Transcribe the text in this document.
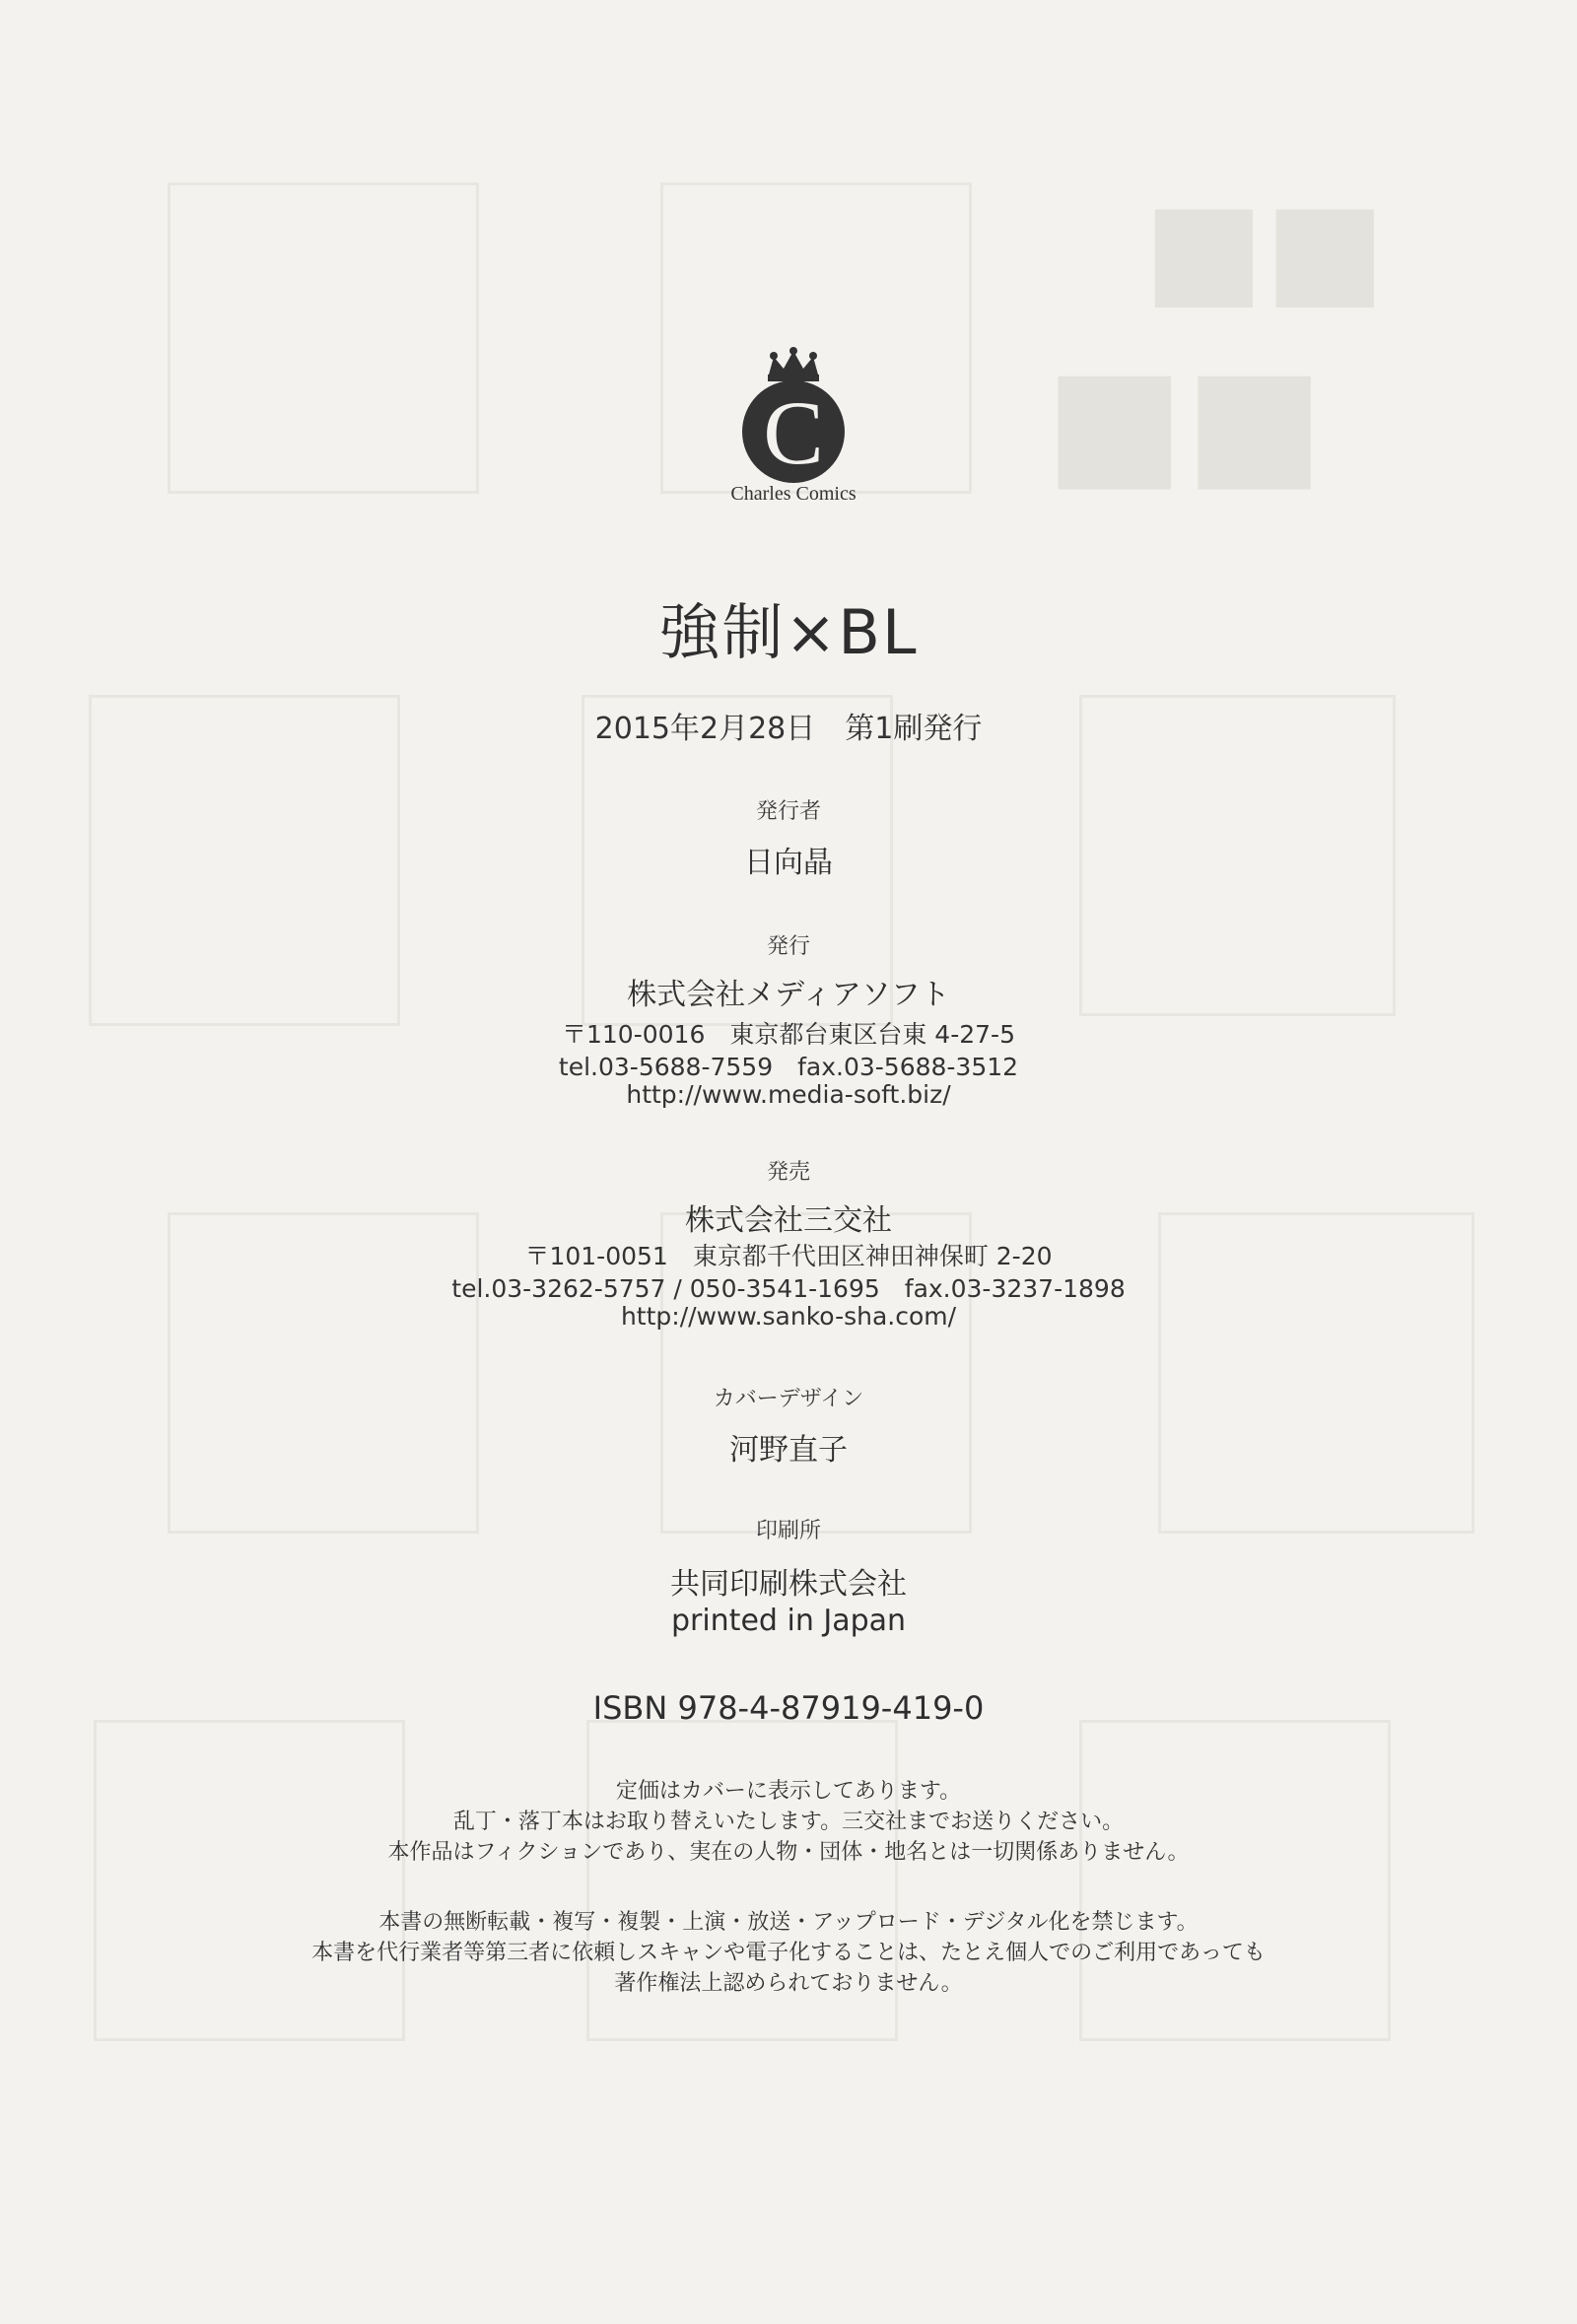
■■
■■
C
Charles Comics
強制×BL
2015年2月28日　第1刷発行
発行者
日向晶
発行
株式会社メディアソフト
〒110-0016　東京都台東区台東 4-27-5
tel.03-5688-7559　fax.03-5688-3512
http://www.media-soft.biz/
発売
株式会社三交社
〒101-0051　東京都千代田区神田神保町 2-20
tel.03-3262-5757 / 050-3541-1695　fax.03-3237-1898
http://www.sanko-sha.com/
カバーデザイン
河野直子
印刷所
共同印刷株式会社
printed in Japan
ISBN 978-4-87919-419-0
定価はカバーに表示してあります。
乱丁・落丁本はお取り替えいたします。三交社までお送りください。
本作品はフィクションであり、実在の人物・団体・地名とは一切関係ありません。
本書の無断転載・複写・複製・上演・放送・アップロード・デジタル化を禁じます。
本書を代行業者等第三者に依頼しスキャンや電子化することは、たとえ個人でのご利用であっても
著作権法上認められておりません。
